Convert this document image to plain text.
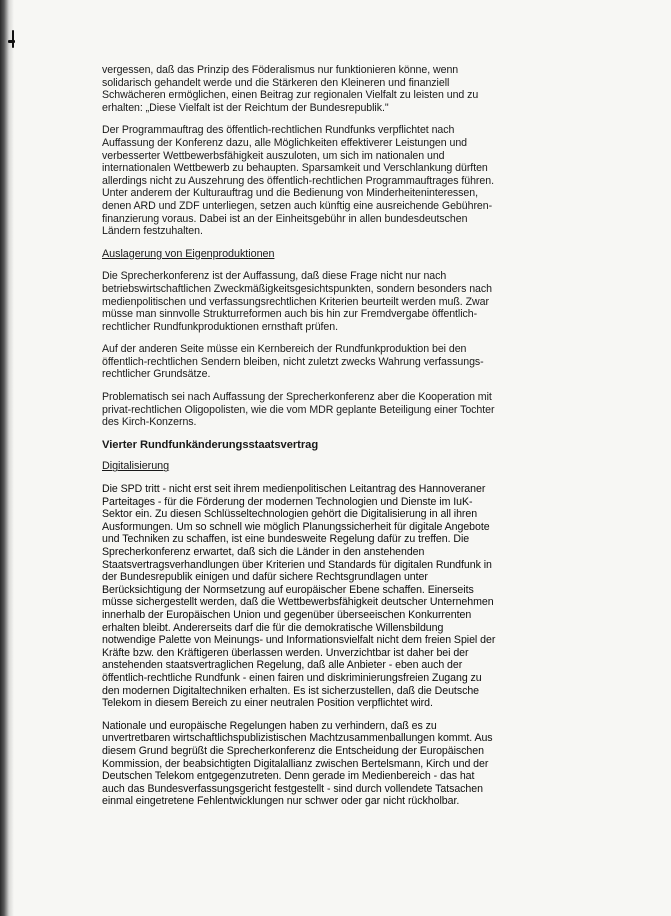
vergessen, daß das Prinzip des Föderalismus nur funktionieren könne, wenn
solidarisch gehandelt werde und die Stärkeren den Kleineren und finanziell
Schwächeren ermöglichen, einen Beitrag zur regionalen Vielfalt zu leisten und zu
erhalten: „Diese Vielfalt ist der Reichtum der Bundesrepublik."
Der Programmauftrag des öffentlich-rechtlichen Rundfunks verpflichtet nach
Auffassung der Konferenz dazu, alle Möglichkeiten effektiverer Leistungen und
verbesserter Wettbewerbsfähigkeit auszuloten, um sich im nationalen und
internationalen Wettbewerb zu behaupten. Sparsamkeit und Verschlankung dürften
allerdings nicht zu Auszehrung des öffentlich-rechtlichen Programmauftrages führen.
Unter anderem der Kulturauftrag und die Bedienung von Minderheiteninteressen,
denen ARD und ZDF unterliegen, setzen auch künftig eine ausreichende Gebühren-
finanzierung voraus. Dabei ist an der Einheitsgebühr in allen bundesdeutschen
Ländern festzuhalten.
Auslagerung von Eigenproduktionen
Die Sprecherkonferenz ist der Auffassung, daß diese Frage nicht nur nach
betriebswirtschaftlichen Zweckmäßigkeitsgesichtspunkten, sondern besonders nach
medienpolitischen und verfassungsrechtlichen Kriterien beurteilt werden muß. Zwar
müsse man sinnvolle Strukturreformen auch bis hin zur Fremdvergabe öffentlich-
rechtlicher Rundfunkproduktionen ernsthaft prüfen.
Auf der anderen Seite müsse ein Kernbereich der Rundfunkproduktion bei den
öffentlich-rechtlichen Sendern bleiben, nicht zuletzt zwecks Wahrung verfassungs-
rechtlicher Grundsätze.
Problematisch sei nach Auffassung der Sprecherkonferenz aber die Kooperation mit
privat-rechtlichen Oligopolisten, wie die vom MDR geplante Beteiligung einer Tochter
des Kirch-Konzerns.
Vierter Rundfunkänderungsstaatsvertrag
Digitalisierung
Die SPD tritt - nicht erst seit ihrem medienpolitischen Leitantrag des Hannoveraner
Parteitages - für die Förderung der modernen Technologien und Dienste im IuK-
Sektor ein. Zu diesen Schlüsseltechnologien gehört die Digitalisierung in all ihren
Ausformungen. Um so schnell wie möglich Planungssicherheit für digitale Angebote
und Techniken zu schaffen, ist eine bundesweite Regelung dafür zu treffen. Die
Sprecherkonferenz erwartet, daß sich die Länder in den anstehenden
Staatsvertragsverhandlungen über Kriterien und Standards für digitalen Rundfunk in
der Bundesrepublik einigen und dafür sichere Rechtsgrundlagen unter
Berücksichtigung der Normsetzung auf europäischer Ebene schaffen. Einerseits
müsse sichergestellt werden, daß die Wettbewerbsfähigkeit deutscher Unternehmen
innerhalb der Europäischen Union und gegenüber überseeischen Konkurrenten
erhalten bleibt. Andererseits darf die für die demokratische Willensbildung
notwendige Palette von Meinungs- und Informationsvielfalt nicht dem freien Spiel der
Kräfte bzw. den Kräftigeren überlassen werden. Unverzichtbar ist daher bei der
anstehenden staatsvertraglichen Regelung, daß alle Anbieter - eben auch der
öffentlich-rechtliche Rundfunk - einen fairen und diskriminierungsfreien Zugang zu
den modernen Digitaltechniken erhalten. Es ist sicherzustellen, daß die Deutsche
Telekom in diesem Bereich zu einer neutralen Position verpflichtet wird.
Nationale und europäische Regelungen haben zu verhindern, daß es zu
unvertretbaren wirtschaftlichspublizistischen Machtzusammenballungen kommt. Aus
diesem Grund begrüßt die Sprecherkonferenz die Entscheidung der Europäischen
Kommission, der beabsichtigten Digitalallianz zwischen Bertelsmann, Kirch und der
Deutschen Telekom entgegenzutreten. Denn gerade im Medienbereich - das hat
auch das Bundesverfassungsgericht festgestellt - sind durch vollendete Tatsachen
einmal eingetretene Fehlentwicklungen nur schwer oder gar nicht rückholbar.
